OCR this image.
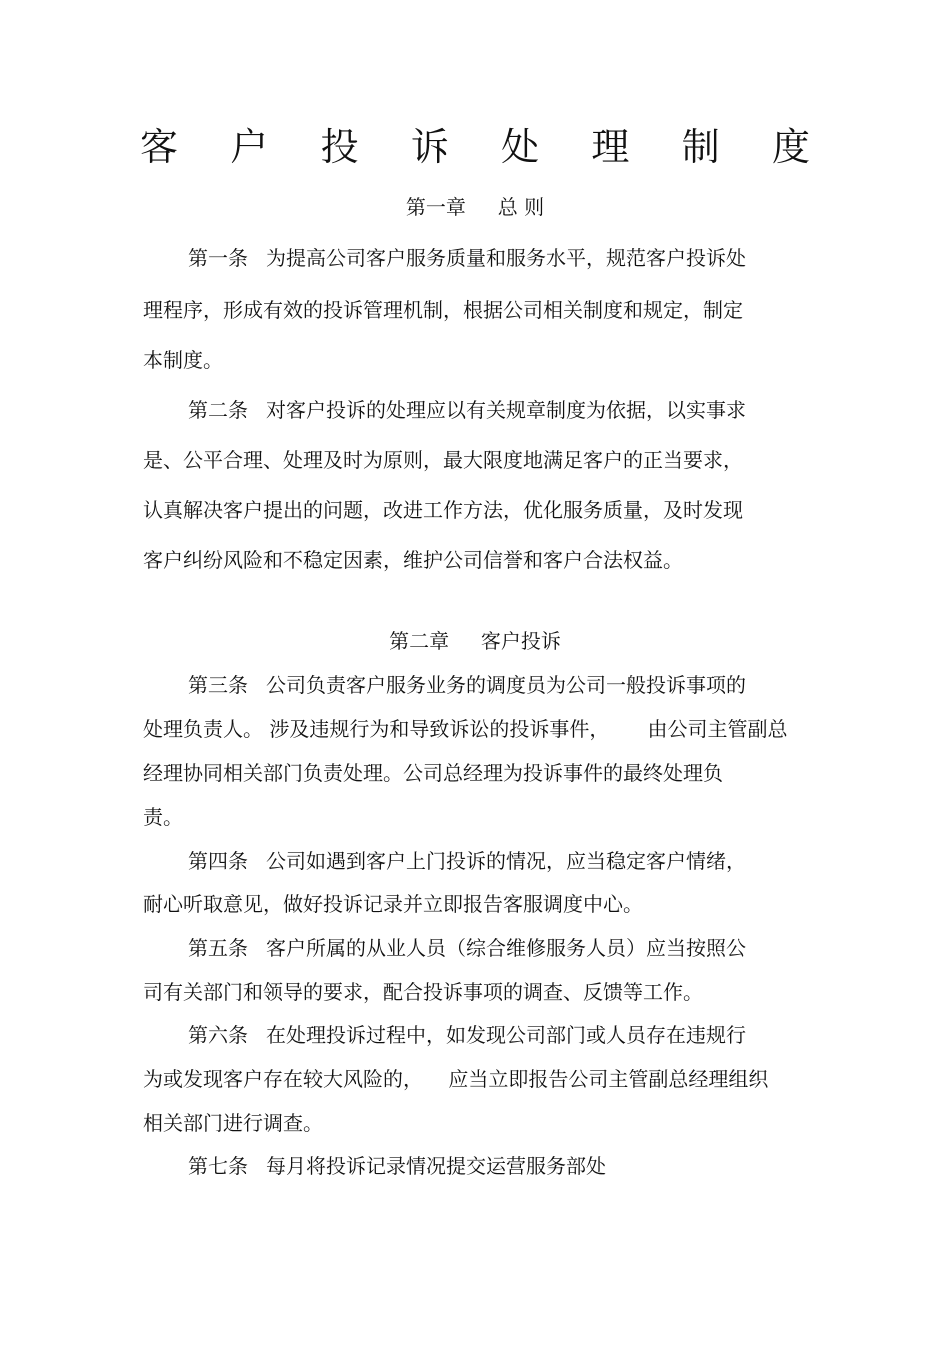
客 户 投 诉 处 理 制 度
第一章 总 则
第一条 为提高公司客户服务质量和服务水平，规范客户投诉处
理程序，形成有效的投诉管理机制，根据公司相关制度和规定，制定
本制度。
第二条 对客户投诉的处理应以有关规章制度为依据，以实事求
是、公平合理、处理及时为原则，最大限度地满足客户的正当要求，
认真解决客户提出的问题，改进工作方法，优化服务质量，及时发现
客户纠纷风险和不稳定因素，维护公司信誉和客户合法权益。
第二章 客户投诉
第三条 公司负责客户服务业务的调度员为公司一般投诉事项的
处理负责人。 涉及违规行为和导致诉讼的投诉事件，      由公司主管副总
经理协同相关部门负责处理。公司总经理为投诉事件的最终处理负
责。
第四条 公司如遇到客户上门投诉的情况，应当稳定客户情绪，
耐心听取意见，做好投诉记录并立即报告客服调度中心。
第五条 客户所属的从业人员（综合维修服务人员）应当按照公
司有关部门和领导的要求，配合投诉事项的调查、反馈等工作。
第六条 在处理投诉过程中，如发现公司部门或人员存在违规行
为或发现客户存在较大风险的，    应当立即报告公司主管副总经理组织
相关部门进行调查。
第七条 每月将投诉记录情况提交运营服务部处
